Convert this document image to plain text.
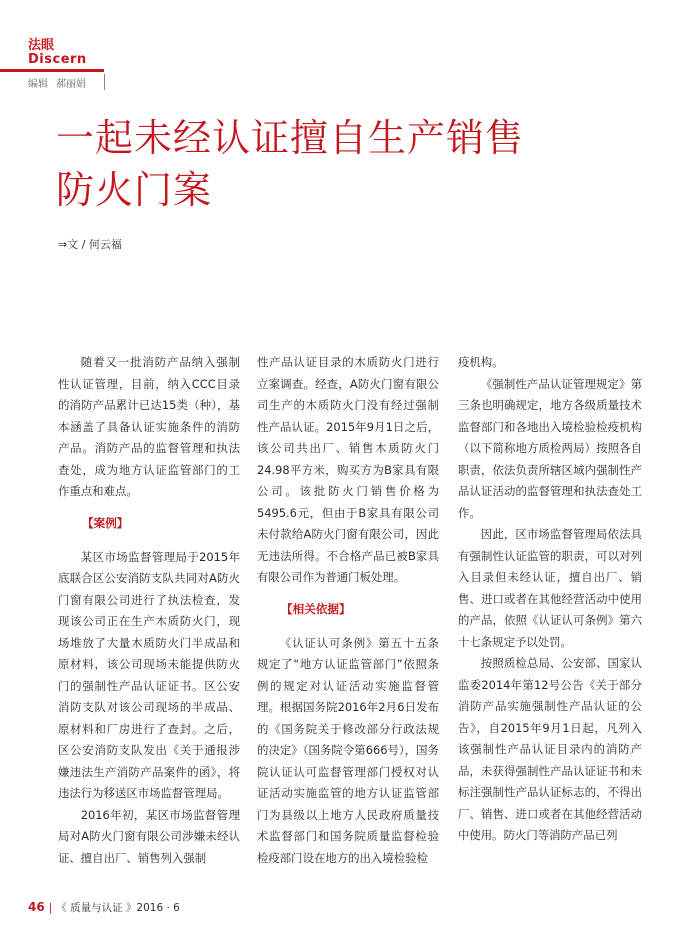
法眼
Discern
编辑 郝丽娟
一起未经认证擅自生产销售
防火门案
⇒文 / 何云福

随着又一批消防产品纳入强制性认证管理，目前，纳入CCC目录的消防产品累计已达15类（种），基本涵盖了具备认证实施条件的消防产品。消防产品的监督管理和执法查处，成为地方认证监管部门的工作重点和难点。

【案例】

某区市场监督管理局于2015年底联合区公安消防支队共同对A防火门窗有限公司进行了执法检查，发现该公司正在生产木质防火门，现场堆放了大量木质防火门半成品和原材料，该公司现场未能提供防火门的强制性产品认证证书。区公安消防支队对该公司现场的半成品、原材料和厂房进行了查封。之后，区公安消防支队发出《关于通报涉嫌违法生产消防产品案件的函》，将违法行为移送区市场监督管理局。

2016年初，某区市场监督管理局对A防火门窗有限公司涉嫌未经认证、擅自出厂、销售列入强制

性产品认证目录的木质防火门进行立案调查。经查，A防火门窗有限公司生产的木质防火门没有经过强制性产品认证。2015年9月1日之后，该公司共出厂、销售木质防火门24.98平方米，购买方为B家具有限公司。该批防火门销售价格为5495.6元，但由于B家具有限公司未付款给A防火门窗有限公司，因此无违法所得。不合格产品已被B家具有限公司作为普通门板处理。

【相关依据】

《认证认可条例》第五十五条规定了“地方认证监管部门”依照条例的规定对认证活动实施监督管理。根据国务院2016年2月6日发布的《国务院关于修改部分行政法规的决定》（国务院令第666号），国务院认证认可监督管理部门授权对认证活动实施监管的地方认证监管部门为县级以上地方人民政府质量技术监督部门和国务院质量监督检验检疫部门设在地方的出入境检验检

疫机构。

《强制性产品认证管理规定》第三条也明确规定，地方各级质量技术监督部门和各地出入境检验检疫机构（以下简称地方质检两局）按照各自职责，依法负责所辖区域内强制性产品认证活动的监督管理和执法查处工作。

因此，区市场监督管理局依法具有强制性认证监管的职责，可以对列入目录但未经认证，擅自出厂、销售、进口或者在其他经营活动中使用的产品，依照《认证认可条例》第六十七条规定予以处罚。

按照质检总局、公安部、国家认监委2014年第12号公告《关于部分消防产品实施强制性产品认证的公告》，自2015年9月1日起，凡列入该强制性产品认证目录内的消防产品，未获得强制性产品认证证书和未标注强制性产品认证标志的，不得出厂、销售、进口或者在其他经营活动中使用。防火门等消防产品已列

46 | 《 质量与认证 》2016 · 6
